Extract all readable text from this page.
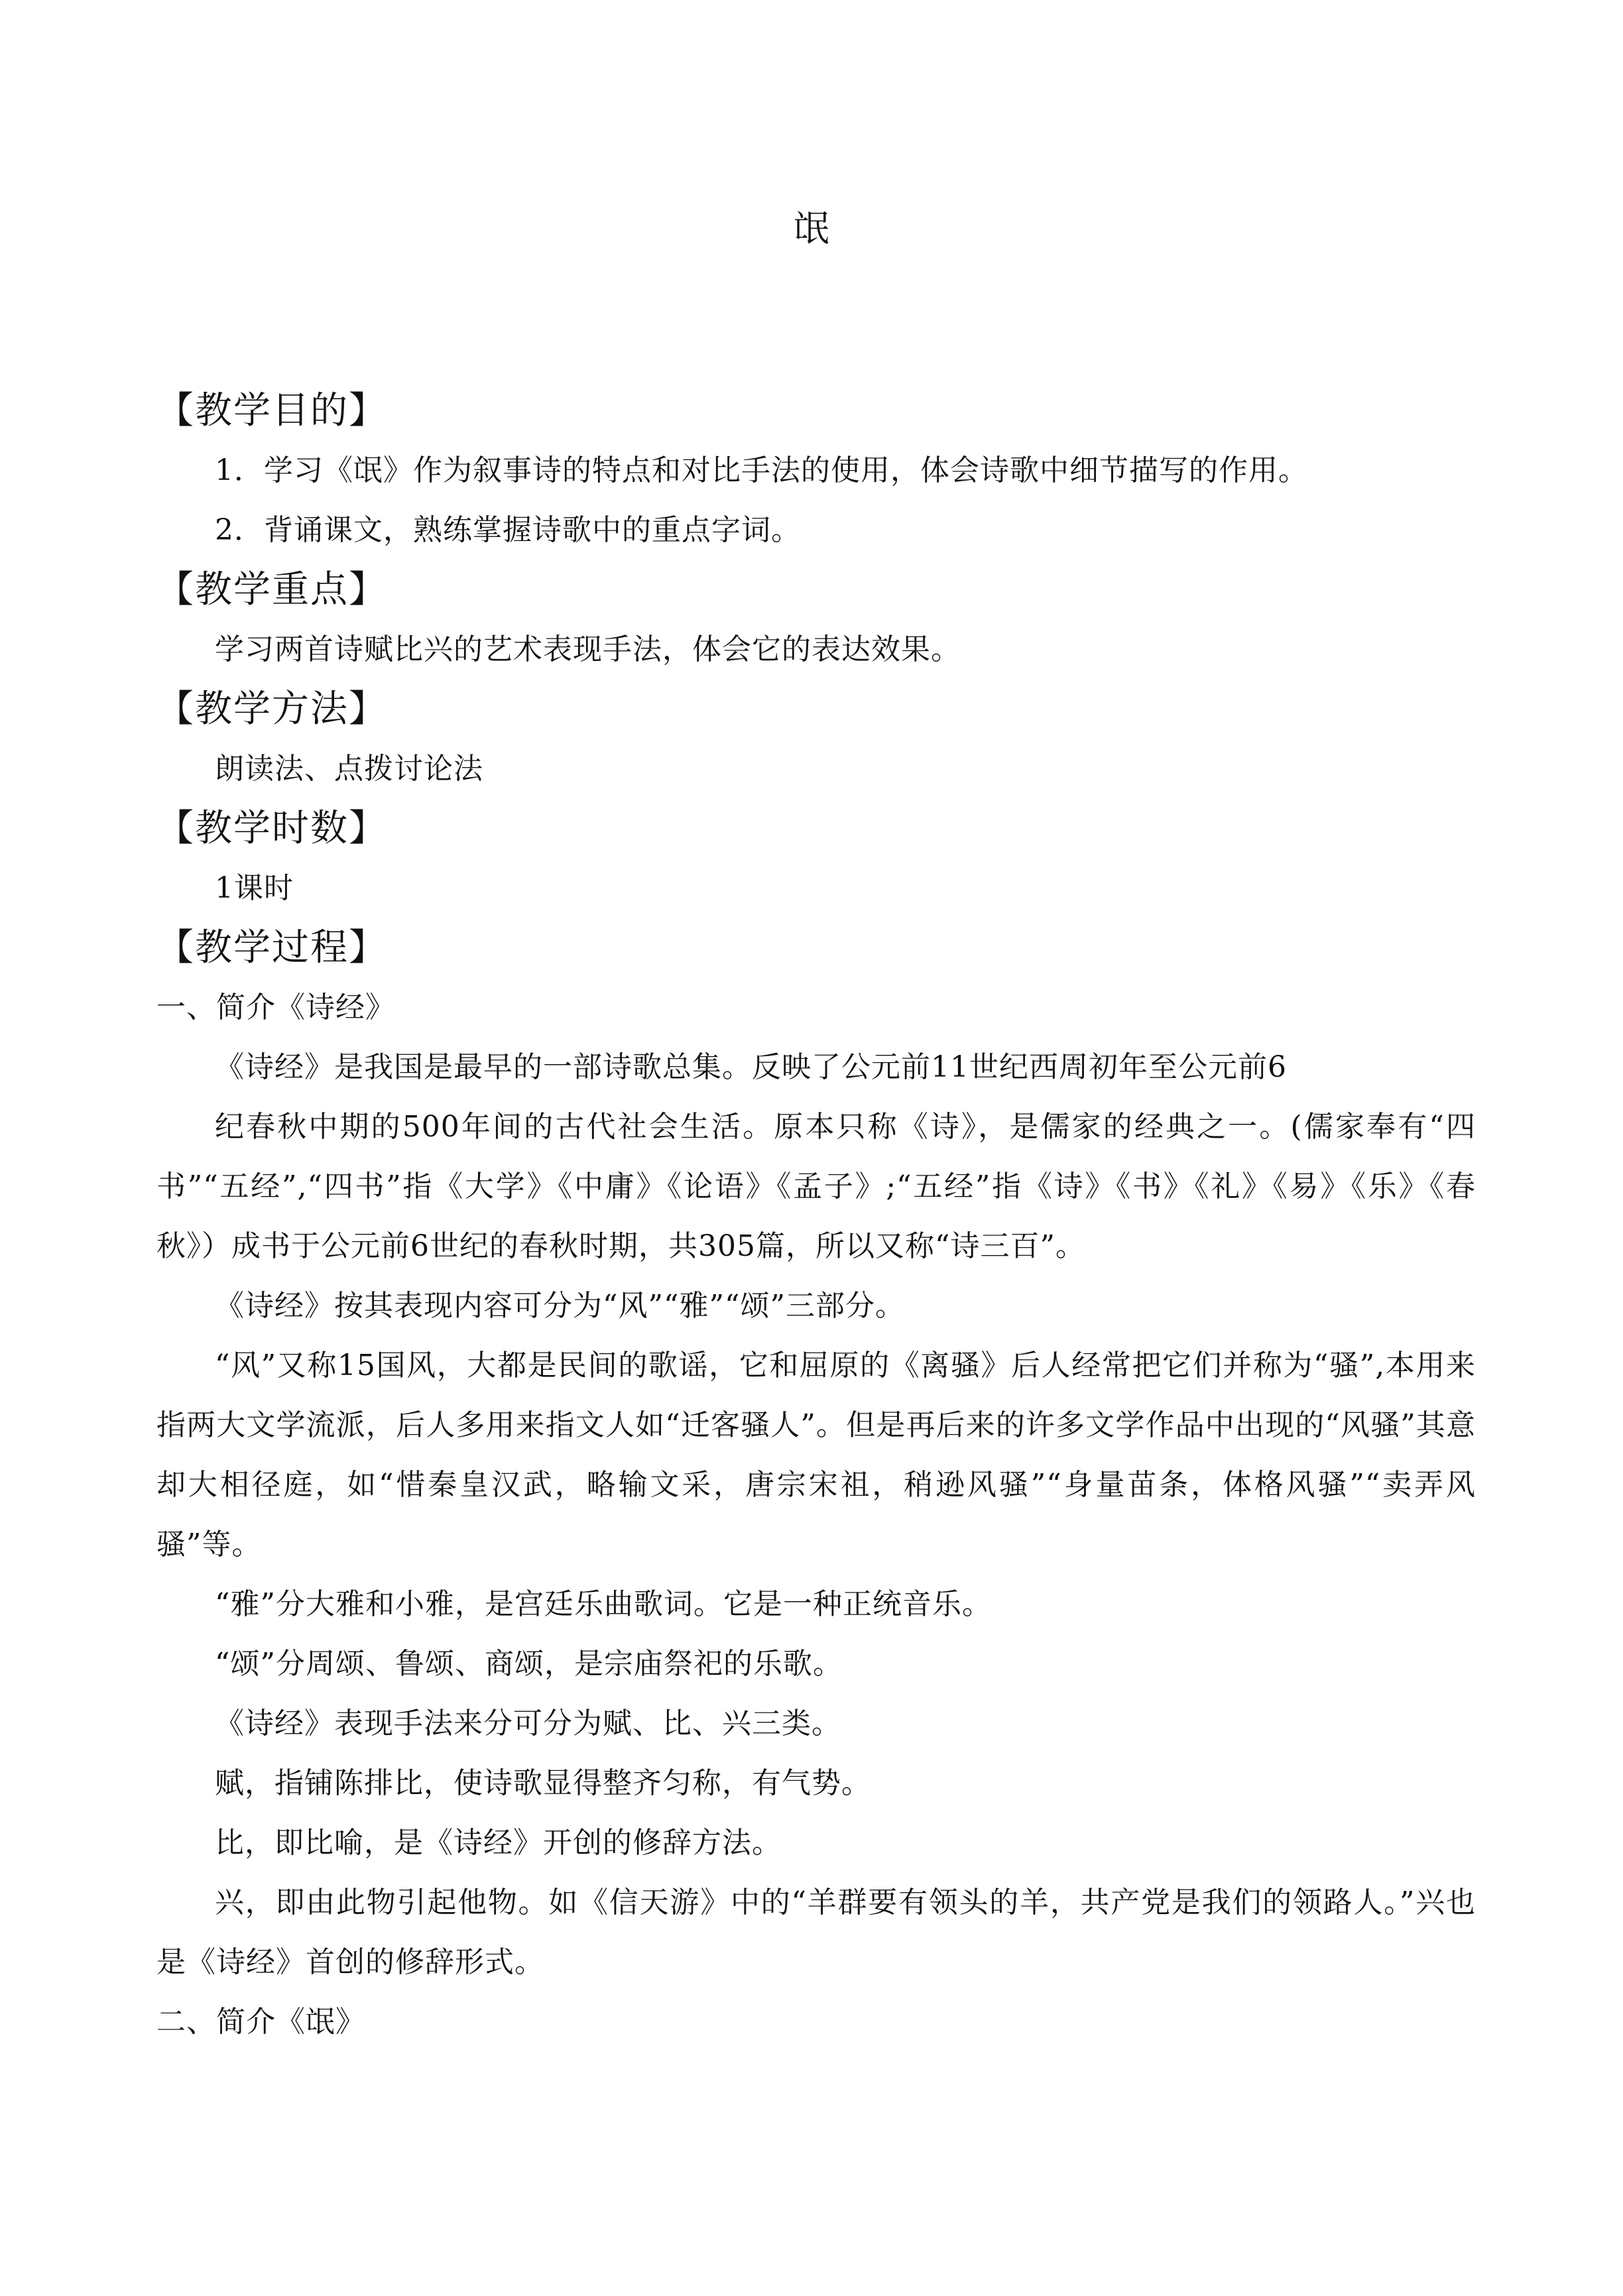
氓
【教学目的】

1．学习《氓》作为叙事诗的特点和对比手法的使用，体会诗歌中细节描写的作用。

2．背诵课文，熟练掌握诗歌中的重点字词。

【教学重点】

学习两首诗赋比兴的艺术表现手法，体会它的表达效果。

【教学方法】

朗读法、点拨讨论法

【教学时数】

1课时

【教学过程】

一、简介《诗经》

《诗经》是我国是最早的一部诗歌总集。反映了公元前11世纪西周初年至公元前6

纪春秋中期的500年间的古代社会生活。原本只称《诗》，是儒家的经典之一。(儒家奉有“四书”“五经”,“四书”指《大学》《中庸》《论语》《孟子》;“五经”指《诗》《书》《礼》《易》《乐》《春秋》）成书于公元前6世纪的春秋时期，共305篇，所以又称“诗三百”。

《诗经》按其表现内容可分为“风”“雅”“颂”三部分。

“风”又称15国风，大都是民间的歌谣，它和屈原的《离骚》后人经常把它们并称为“骚”,本用来指两大文学流派，后人多用来指文人如“迁客骚人”。但是再后来的许多文学作品中出现的“风骚”其意却大相径庭，如“惜秦皇汉武，略输文采，唐宗宋祖，稍逊风骚”“身量苗条，体格风骚”“卖弄风骚”等。

“雅”分大雅和小雅，是宫廷乐曲歌词。它是一种正统音乐。

“颂”分周颂、鲁颂、商颂，是宗庙祭祀的乐歌。

《诗经》表现手法来分可分为赋、比、兴三类。

赋，指铺陈排比，使诗歌显得整齐匀称，有气势。

比，即比喻，是《诗经》开创的修辞方法。

兴，即由此物引起他物。如《信天游》中的“羊群要有领头的羊，共产党是我们的领路人。”兴也是《诗经》首创的修辞形式。

二、简介《氓》
